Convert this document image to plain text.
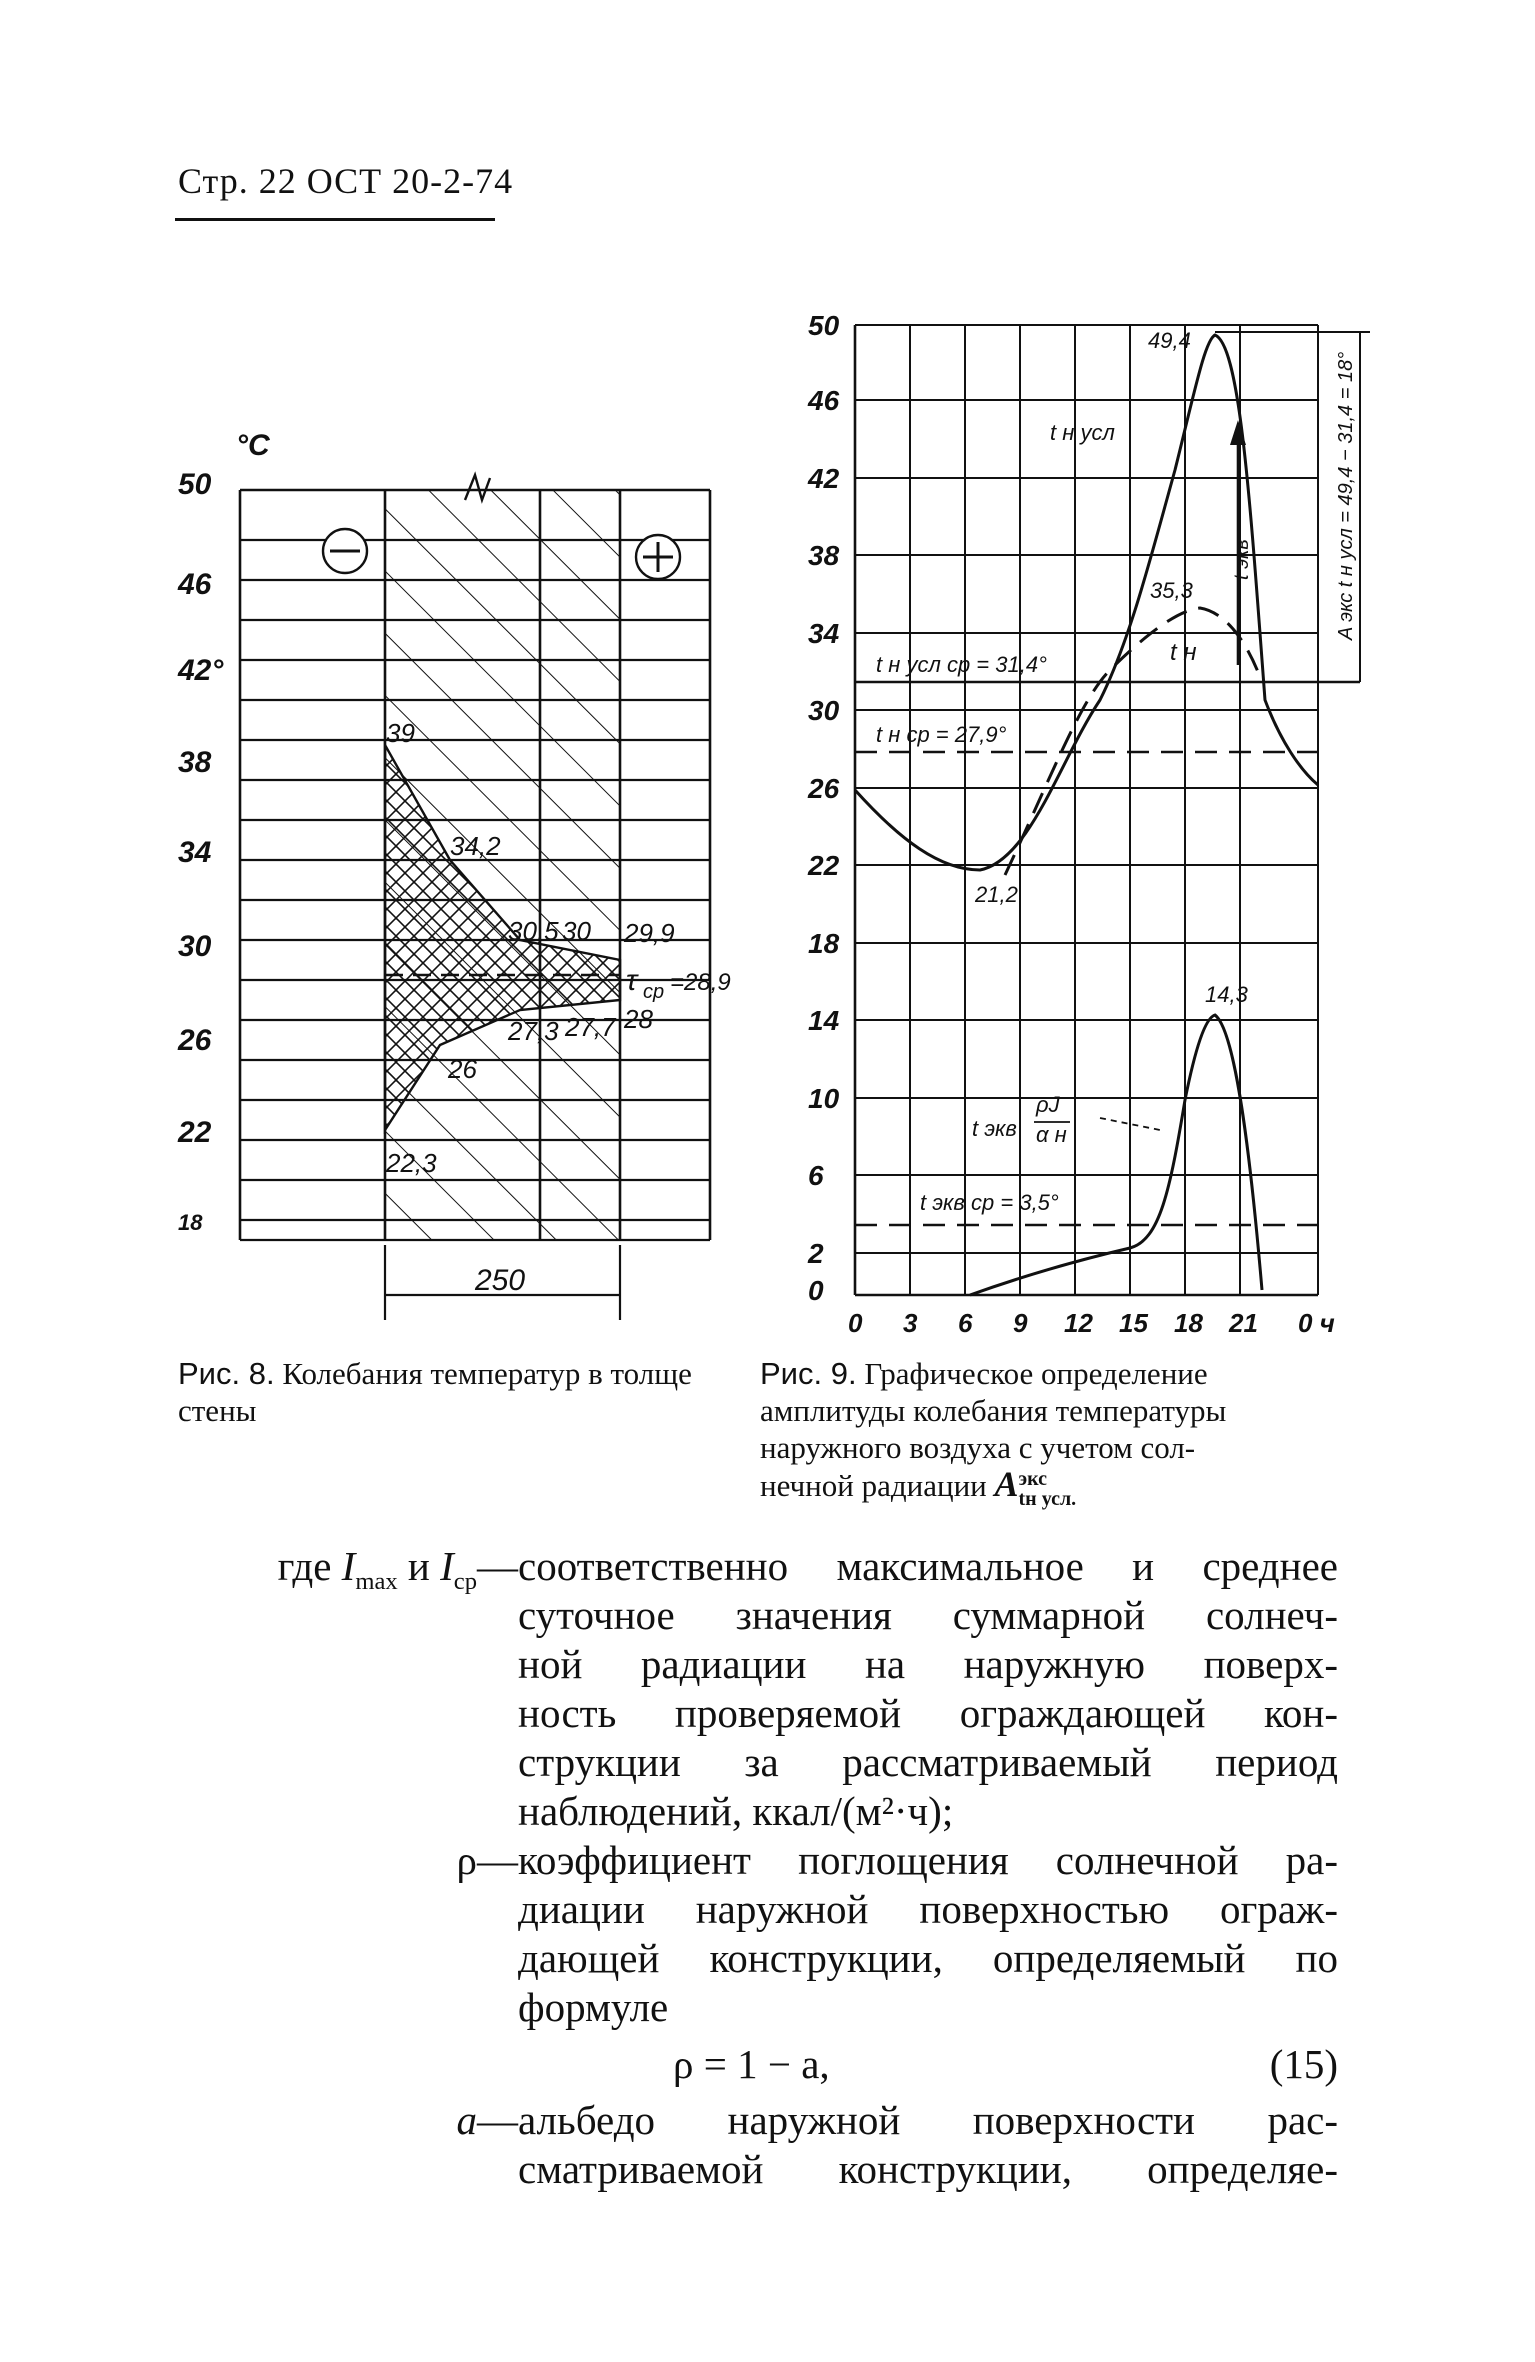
Стр. 22 ОСТ 20-2-74
°C
50
46
42°
38
34
30
26
22
18
39
34,2
30,5 30 29,9
τ cp =28,9
28
27,7
27,3
26
22,3
250
50
46
42
38
34
30
26
22
18
14
10
6
2
0
0 3 6 9 12 15 18 21 0 ч
49,4
t н усл
35,3
t н
t н усл ср = 31,4°
t н ср = 27,9°
21,2
14,3
t экв
ρJ
α н
t экв ср = 3,5°
t экв	A экс t н усл = 49,4 − 31,4 = 18°
Рис. 8. Колебания температур в толще стены
Рис. 9. Графическое определение
амплитуды колебания температуры
наружного воздуха с учетом сол-
нечной радиации A экс
tн усл.
где $I_{max}$ и $I_{ср}—$ соответственно максимальное и среднее
суточное значения суммарной солнеч-
ной радиации на наружную поверх-
ность проверяемой ограждающей кон-
струкции за рассматриваемый период
наблюдений, ккал/(м²·ч);
ρ— коэффициент поглощения солнечной ра-
диации наружной поверхностью ограж-
дающей конструкции, определяемый по
формуле
ρ = 1 − a,	(15)
a— альбедо наружной поверхности рас-
сматриваемой конструкции, определяе-
